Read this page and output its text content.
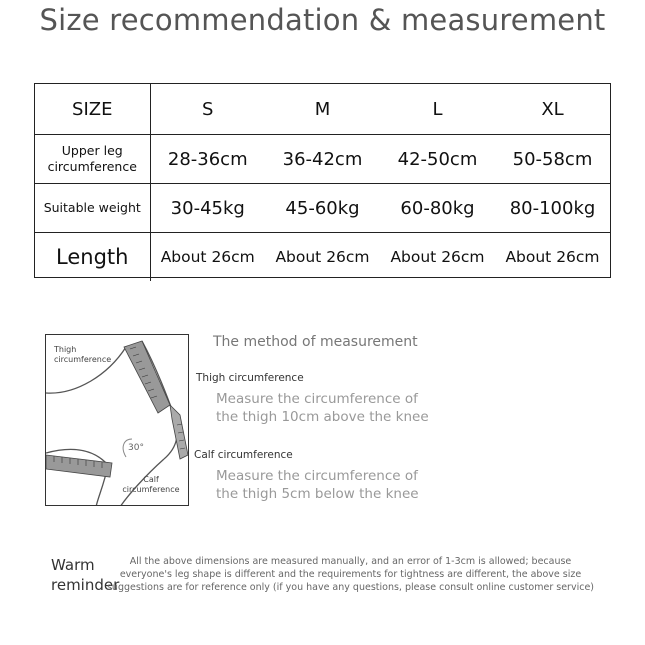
Size recommendation & measurement
SIZE	S	M	L	XL
Upper leg circumference	28-36cm	36-42cm	42-50cm	50-58cm
Suitable weight	30-45kg	45-60kg	60-80kg	80-100kg
Length	About 26cm	About 26cm	About 26cm	About 26cm
Thigh circumference
30°
Calf circumference
The method of measurement
Thigh circumference
Measure the circumference of
the thigh 10cm above the knee
Calf circumference
Measure the circumference of
the thigh 5cm below the knee
Warm reminder
All the above dimensions are measured manually, and an error of 1-3cm is allowed; because everyone's leg shape is different and the requirements for tightness are different, the above size suggestions are for reference only (if you have any questions, please consult online customer service)
